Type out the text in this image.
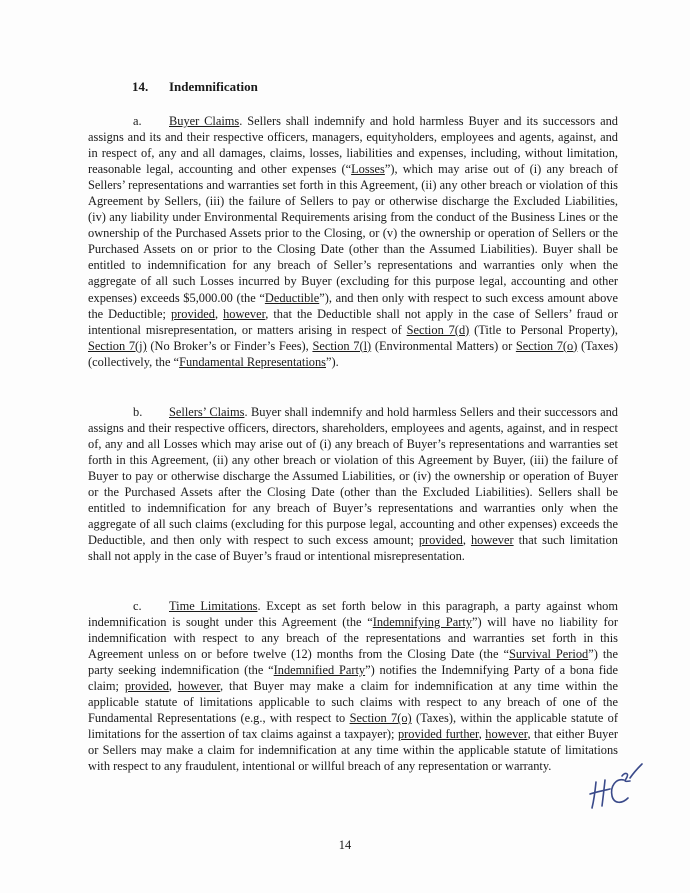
14. Indemnification

a. Buyer Claims. Sellers shall indemnify and hold harmless Buyer and its successors and assigns and its and their respective officers, managers, equityholders, employees and agents, against, and in respect of, any and all damages, claims, losses, liabilities and expenses, including, without limitation, reasonable legal, accounting and other expenses (“Losses”), which may arise out of (i) any breach of Sellers’ representations and warranties set forth in this Agreement, (ii) any other breach or violation of this Agreement by Sellers, (iii) the failure of Sellers to pay or otherwise discharge the Excluded Liabilities, (iv) any liability under Environmental Requirements arising from the conduct of the Business Lines or the ownership of the Purchased Assets prior to the Closing, or (v) the ownership or operation of Sellers or the Purchased Assets on or prior to the Closing Date (other than the Assumed Liabilities). Buyer shall be entitled to indemnification for any breach of Seller’s representations and warranties only when the aggregate of all such Losses incurred by Buyer (excluding for this purpose legal, accounting and other expenses) exceeds $5,000.00 (the “Deductible”), and then only with respect to such excess amount above the Deductible; provided, however, that the Deductible shall not apply in the case of Sellers’ fraud or intentional misrepresentation, or matters arising in respect of Section 7(d) (Title to Personal Property), Section 7(j) (No Broker’s or Finder’s Fees), Section 7(l) (Environmental Matters) or Section 7(o) (Taxes) (collectively, the “Fundamental Representations”).

b. Sellers’ Claims. Buyer shall indemnify and hold harmless Sellers and their successors and assigns and their respective officers, directors, shareholders, employees and agents, against, and in respect of, any and all Losses which may arise out of (i) any breach of Buyer’s representations and warranties set forth in this Agreement, (ii) any other breach or violation of this Agreement by Buyer, (iii) the failure of Buyer to pay or otherwise discharge the Assumed Liabilities, or (iv) the ownership or operation of Buyer or the Purchased Assets after the Closing Date (other than the Excluded Liabilities). Sellers shall be entitled to indemnification for any breach of Buyer’s representations and warranties only when the aggregate of all such claims (excluding for this purpose legal, accounting and other expenses) exceeds the Deductible, and then only with respect to such excess amount; provided, however that such limitation shall not apply in the case of Buyer’s fraud or intentional misrepresentation.

c. Time Limitations. Except as set forth below in this paragraph, a party against whom indemnification is sought under this Agreement (the “Indemnifying Party”) will have no liability for indemnification with respect to any breach of the representations and warranties set forth in this Agreement unless on or before twelve (12) months from the Closing Date (the “Survival Period”) the party seeking indemnification (the “Indemnified Party”) notifies the Indemnifying Party of a bona fide claim; provided, however, that Buyer may make a claim for indemnification at any time within the applicable statute of limitations applicable to such claims with respect to any breach of one of the Fundamental Representations (e.g., with respect to Section 7(o) (Taxes), within the applicable statute of limitations for the assertion of tax claims against a taxpayer); provided further, however, that either Buyer or Sellers may make a claim for indemnification at any time within the applicable statute of limitations with respect to any fraudulent, intentional or willful breach of any representation or warranty.

14
